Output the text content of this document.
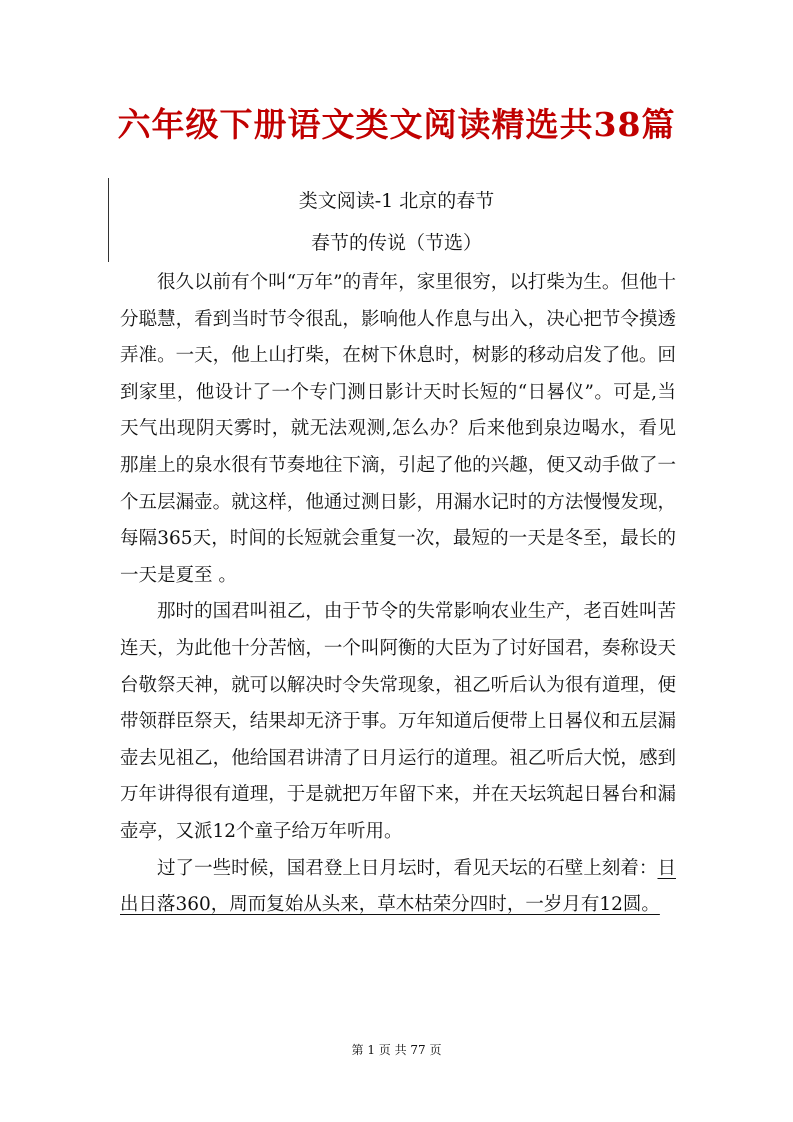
六年级下册语文类文阅读精选共38篇
类文阅读-1 北京的春节
春节的传说（节选）

很久以前有个叫“万年”的青年，家里很穷，以打柴为生。但他十分聪慧，看到当时节令很乱，影响他人作息与出入，决心把节令摸透弄准。一天，他上山打柴，在树下休息时，树影的移动启发了他。回到家里，他设计了一个专门测日影计天时长短的“日晷仪”。可是,当天气出现阴天雾时，就无法观测,怎么办？后来他到泉边喝水，看见那崖上的泉水很有节奏地往下滴，引起了他的兴趣，便又动手做了一个五层漏壶。就这样，他通过测日影，用漏水记时的方法慢慢发现，每隔365天，时间的长短就会重复一次，最短的一天是冬至，最长的一天是夏至 。

那时的国君叫祖乙，由于节令的失常影响农业生产，老百姓叫苦连天，为此他十分苦恼，一个叫阿衡的大臣为了讨好国君，奏称设天台敬祭天神，就可以解决时令失常现象，祖乙听后认为很有道理，便带领群臣祭天，结果却无济于事。万年知道后便带上日晷仪和五层漏壶去见祖乙，他给国君讲清了日月运行的道理。祖乙听后大悦，感到万年讲得很有道理，于是就把万年留下来，并在天坛筑起日晷台和漏壶亭，又派12个童子给万年听用。

过了一些时候，国君登上日月坛时，看见天坛的石壁上刻着：日出日落360，周而复始从头来，草木枯荣分四时，一岁月有12圆。

第 1 页 共 77 页
